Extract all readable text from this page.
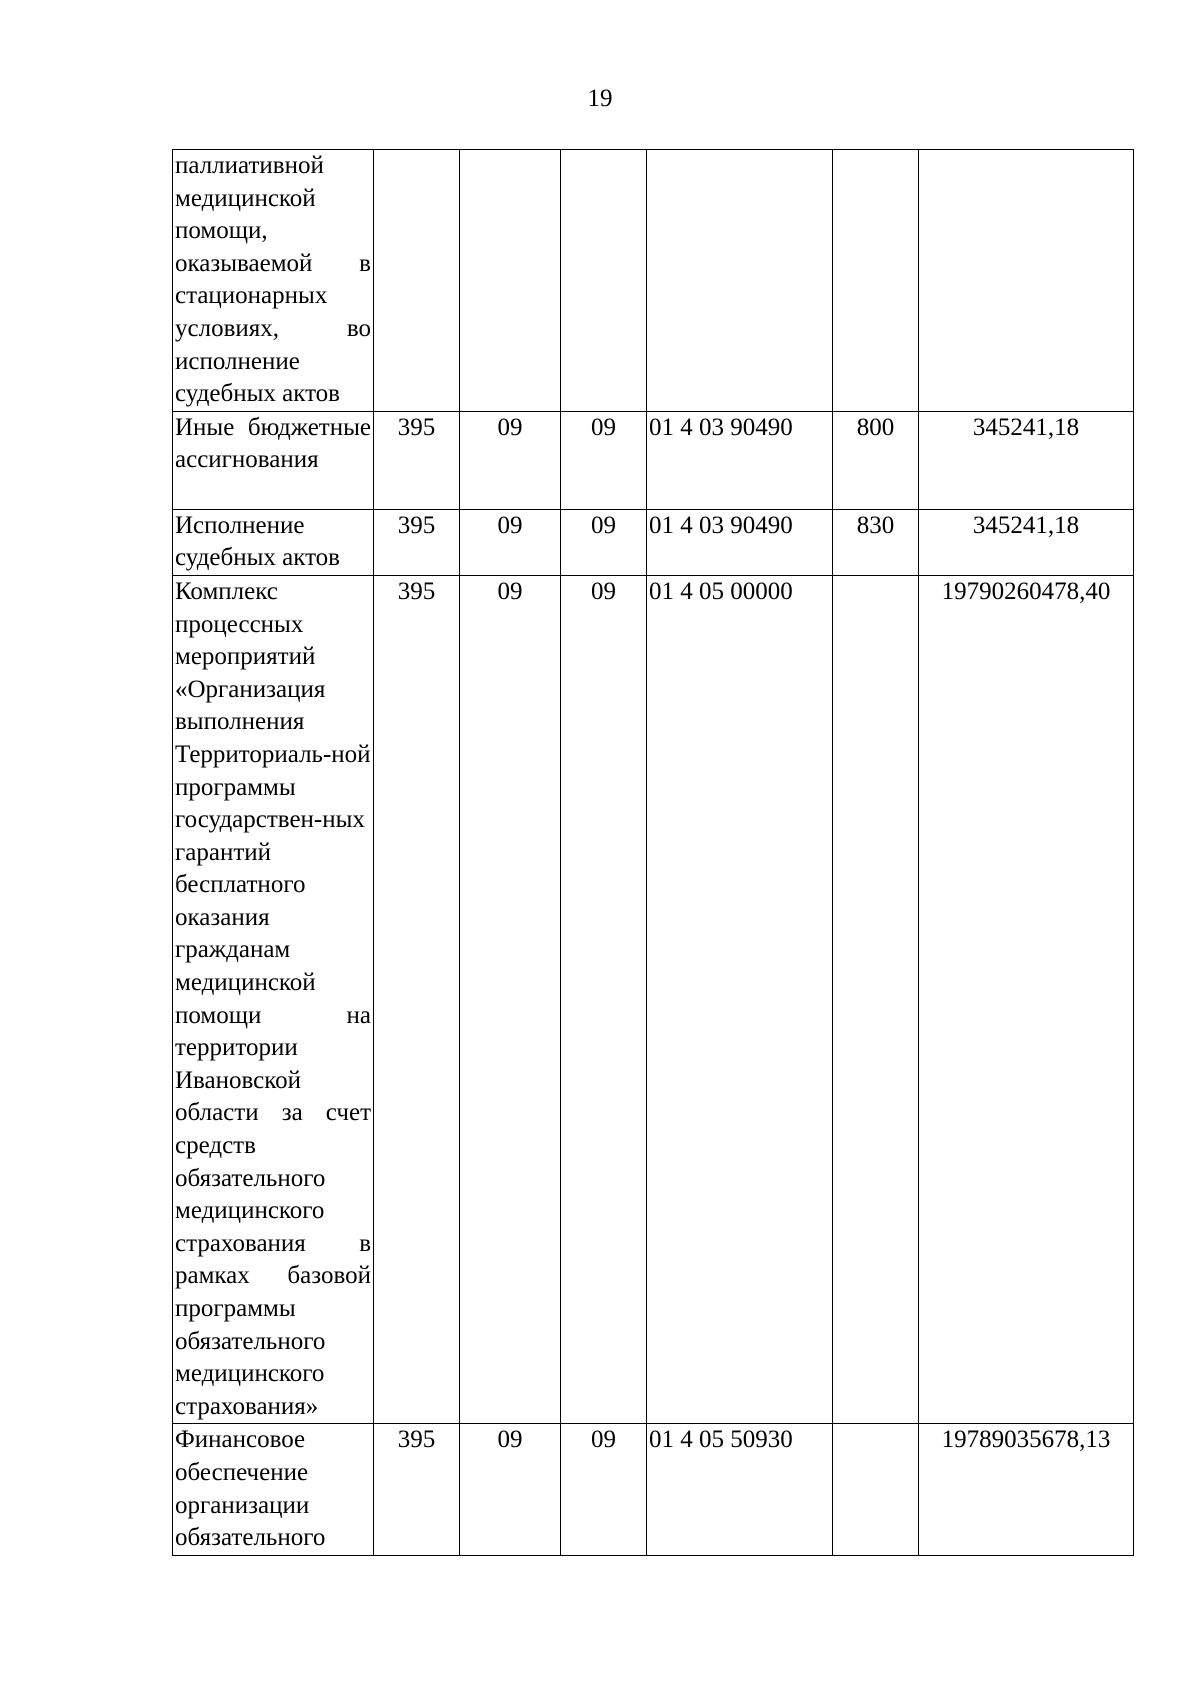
19
паллиативной медицинской помощи, оказываемой в стационарных условиях, во исполнение судебных актов						
Иные бюджетные ассигнования	395	09	09	01 4 03 90490	800	345241,18
Исполнение судебных актов	395	09	09	01 4 03 90490	830	345241,18
Комплекс процессных мероприятий «Организация выполнения Территориаль-ной программы государствен-ных гарантий бесплатного оказания гражданам медицинской помощи на территории Ивановской области за счет средств обязательного медицинского страхования в рамках базовой программы обязательного медицинского страхования»	395	09	09	01 4 05 00000		19790260478,40
Финансовое обеспечение организации обязательного	395	09	09	01 4 05 50930		19789035678,13
